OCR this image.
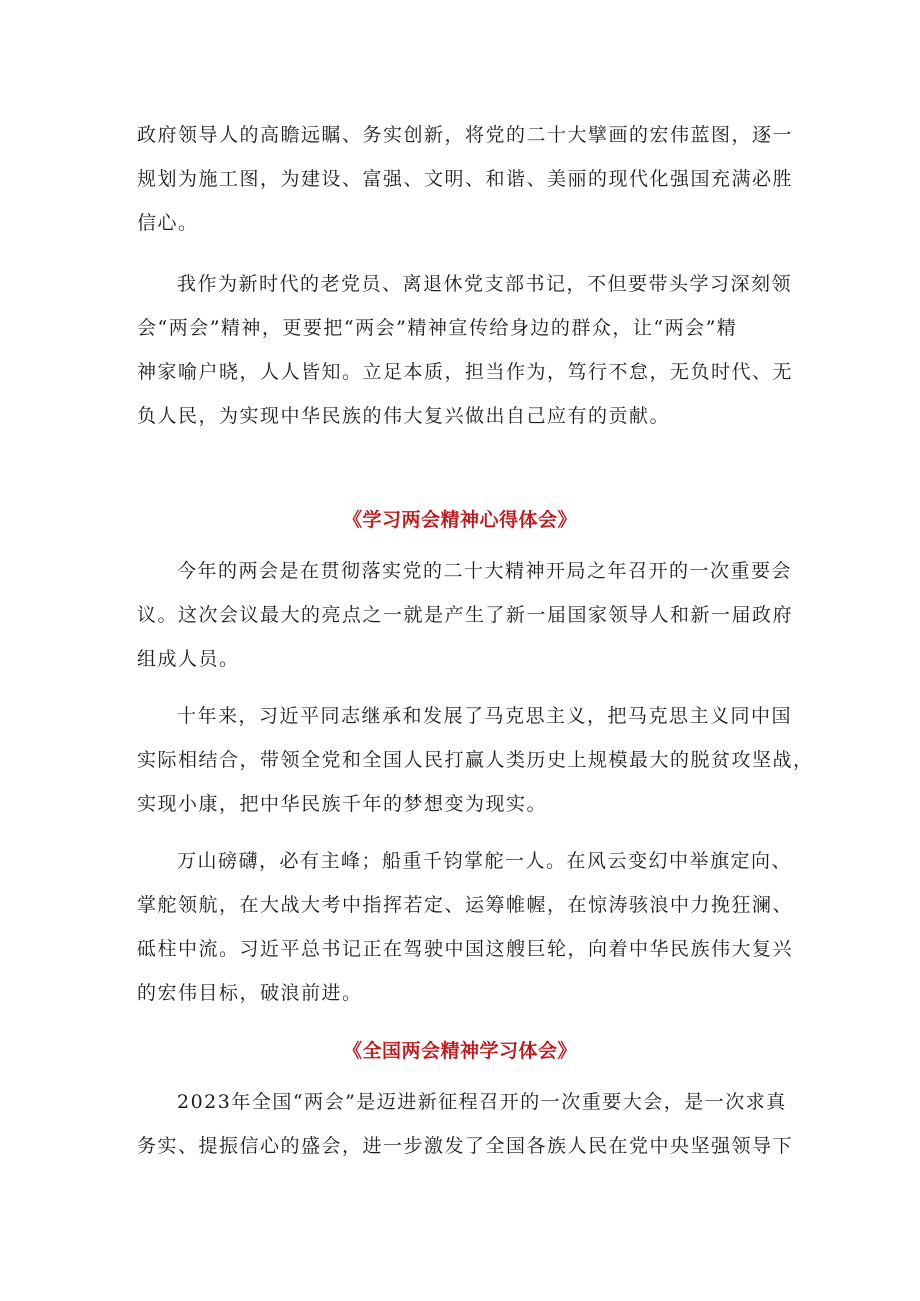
政府领导人的高瞻远瞩、务实创新，将党的二十大擘画的宏伟蓝图，逐一
规划为施工图，为建设、富强、文明、和谐、美丽的现代化强国充满必胜
信心。
我作为新时代的老党员、离退休党支部书记，不但要带头学习深刻领
会“两会”精神，更要把“两会”精神宣传给身边的群众，让“两会”精
神家喻户晓，人人皆知。立足本质，担当作为，笃行不怠，无负时代、无
负人民，为实现中华民族的伟大复兴做出自己应有的贡献。
《学习两会精神心得体会》
今年的两会是在贯彻落实党的二十大精神开局之年召开的一次重要会
议。这次会议最大的亮点之一就是产生了新一届国家领导人和新一届政府
组成人员。
十年来，习近平同志继承和发展了马克思主义，把马克思主义同中国
实际相结合，带领全党和全国人民打赢人类历史上规模最大的脱贫攻坚战，
实现小康，把中华民族千年的梦想变为现实。
万山磅礴，必有主峰；船重千钧掌舵一人。在风云变幻中举旗定向、
掌舵领航，在大战大考中指挥若定、运筹帷幄，在惊涛骇浪中力挽狂澜、
砥柱中流。习近平总书记正在驾驶中国这艘巨轮，向着中华民族伟大复兴
的宏伟目标，破浪前进。
《全国两会精神学习体会》
2023年全国“两会”是迈进新征程召开的一次重要大会，是一次求真
务实、提振信心的盛会，进一步激发了全国各族人民在党中央坚强领导下
